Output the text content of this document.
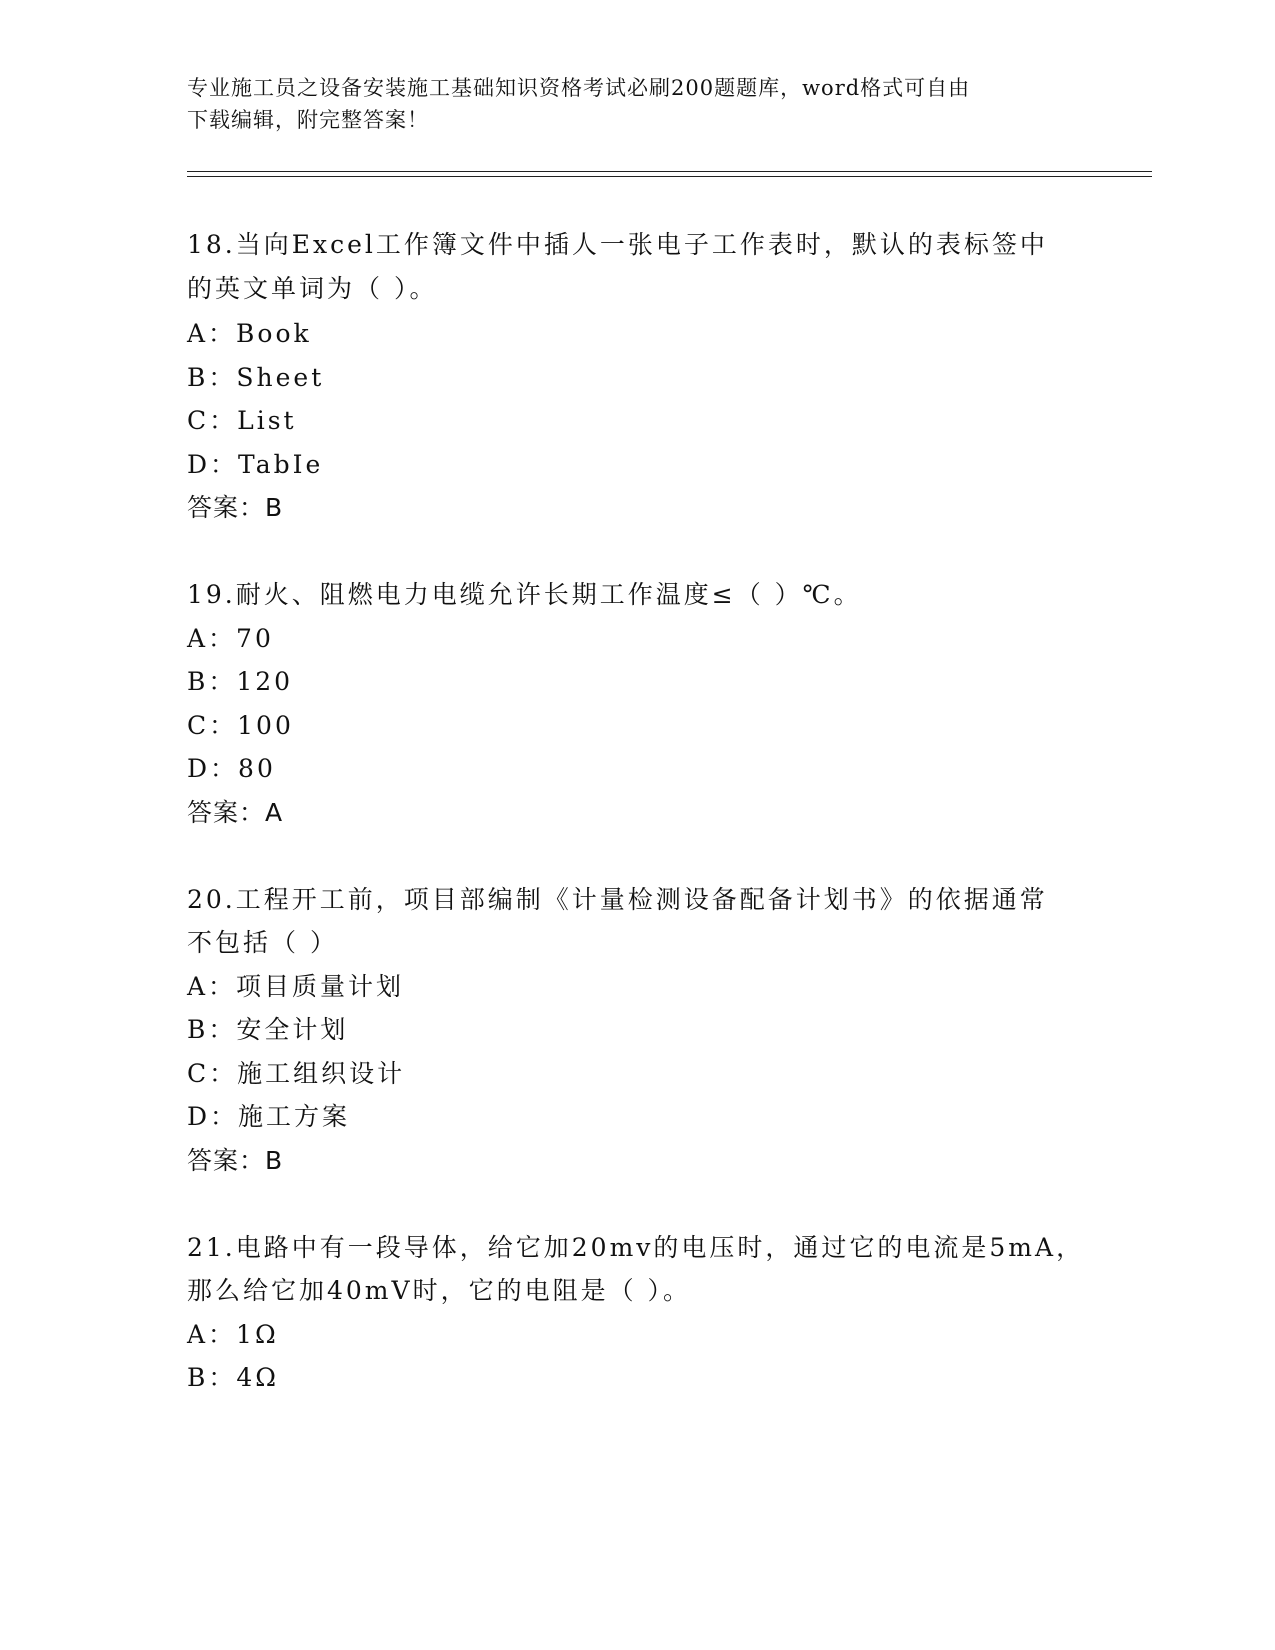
专业施工员之设备安装施工基础知识资格考试必刷200题题库，word格式可自由
下载编辑，附完整答案！
18.当向Excel工作簿文件中插人一张电子工作表时，默认的表标签中
的英文单词为（ ）。
A：Book
B：Sheet
C：List
D：TabIe
答案：B
19.耐火、阻燃电力电缆允许长期工作温度≤（ ）℃。
A：70
B：120
C：100
D：80
答案：A
20.工程开工前，项目部编制《计量检测设备配备计划书》的依据通常
不包括（ ）
A：项目质量计划
B：安全计划
C：施工组织设计
D：施工方案
答案：B
21.电路中有一段导体，给它加20mv的电压时，通过它的电流是5mA，
那么给它加40mV时，它的电阻是（ ）。
A：1Ω
B：4Ω
